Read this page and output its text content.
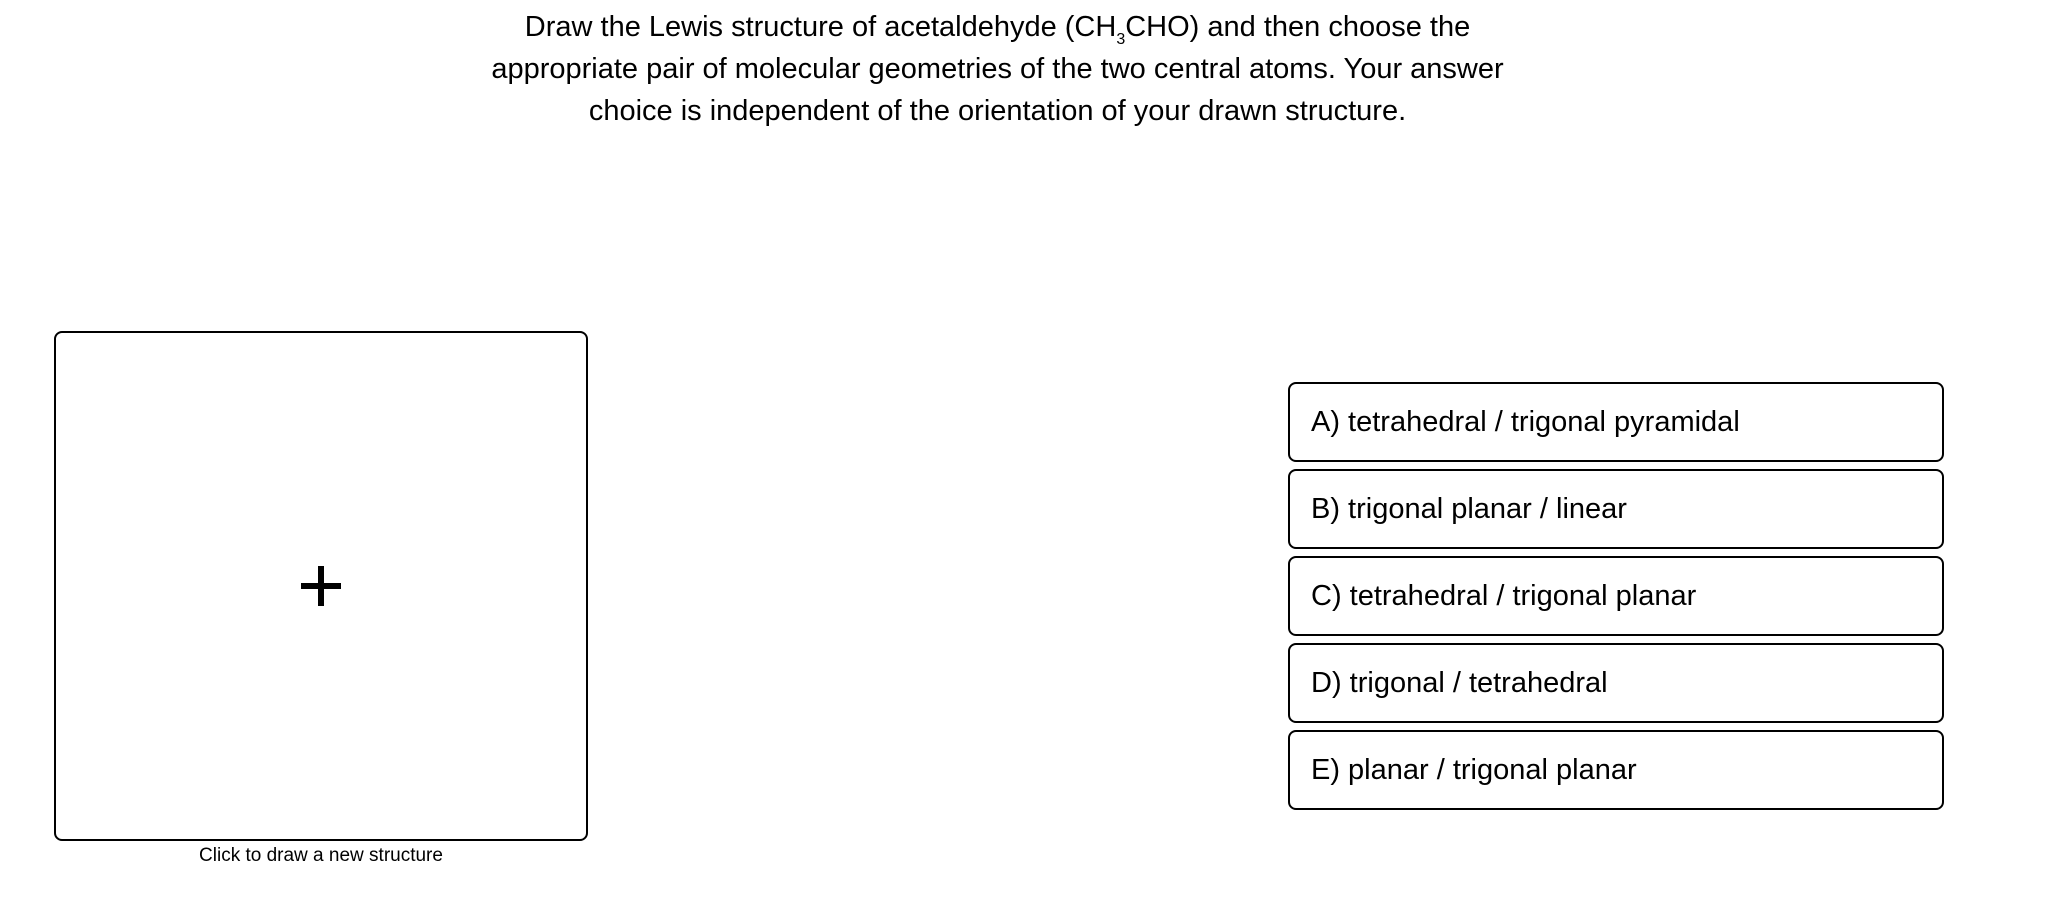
Draw the Lewis structure of acetaldehyde $(CH_3CHO)$ and then choose the
appropriate pair of molecular geometries of the two central atoms. Your answer
choice is independent of the orientation of your drawn structure.
Click to draw a new structure
A) tetrahedral / trigonal pyramidal
B) trigonal planar / linear
C) tetrahedral / trigonal planar
D) trigonal / tetrahedral
E) planar / trigonal planar
